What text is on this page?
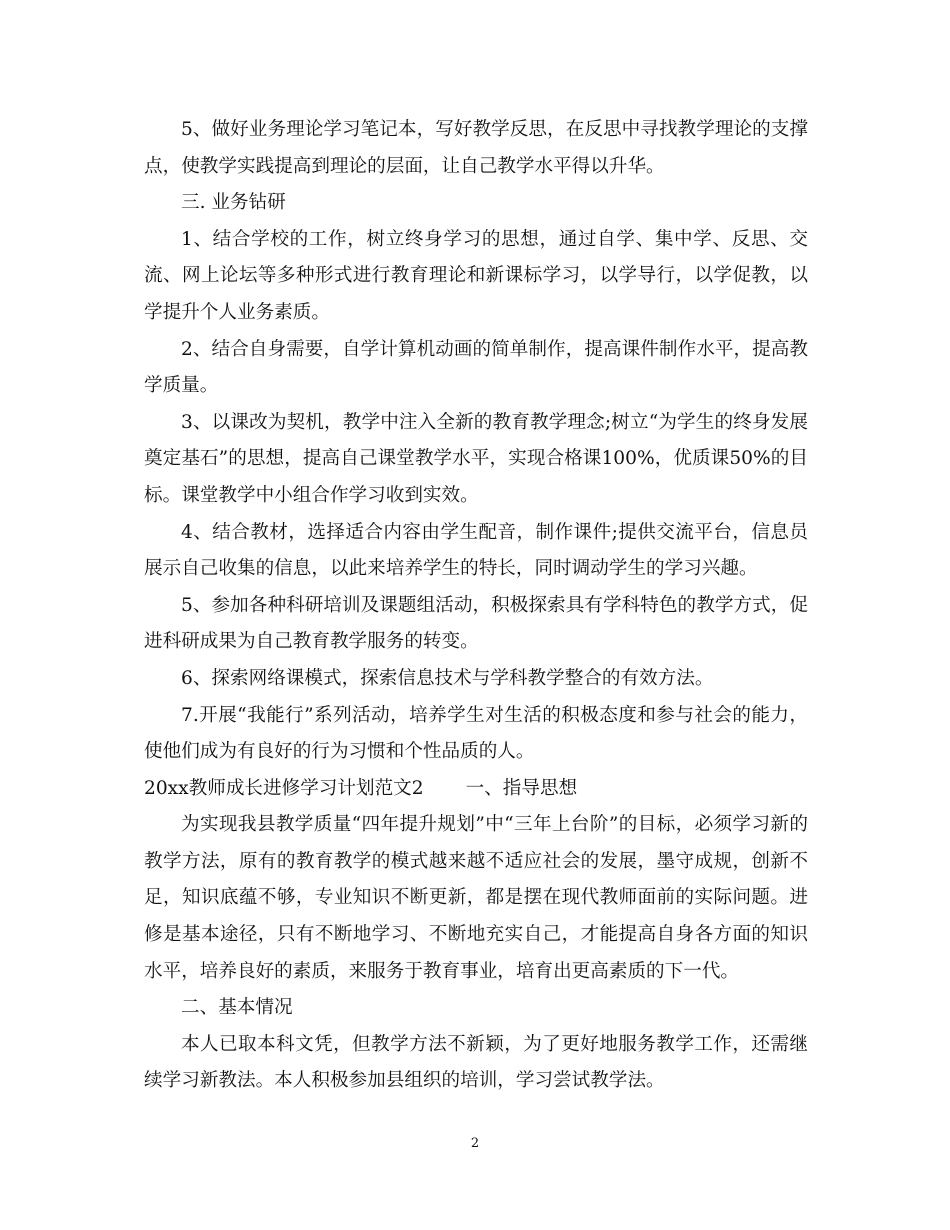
5、做好业务理论学习笔记本，写好教学反思，在反思中寻找教学理论的支撑点，使教学实践提高到理论的层面，让自己教学水平得以升华。

三. 业务钻研

1、结合学校的工作，树立终身学习的思想，通过自学、集中学、反思、交流、网上论坛等多种形式进行教育理论和新课标学习，以学导行，以学促教，以学提升个人业务素质。

2、结合自身需要，自学计算机动画的简单制作，提高课件制作水平，提高教学质量。

3、以课改为契机，教学中注入全新的教育教学理念;树立“为学生的终身发展奠定基石”的思想，提高自己课堂教学水平，实现合格课100%，优质课50%的目标。课堂教学中小组合作学习收到实效。

4、结合教材，选择适合内容由学生配音，制作课件;提供交流平台，信息员展示自己收集的信息，以此来培养学生的特长，同时调动学生的学习兴趣。

5、参加各种科研培训及课题组活动，积极探索具有学科特色的教学方式，促进科研成果为自己教育教学服务的转变。

6、探索网络课模式，探索信息技术与学科教学整合的有效方法。

7.开展“我能行”系列活动，培养学生对生活的积极态度和参与社会的能力，使他们成为有良好的行为习惯和个性品质的人。

20xx教师成长进修学习计划范文2 一、指导思想

为实现我县教学质量“四年提升规划”中“三年上台阶”的目标，必须学习新的教学方法，原有的教育教学的模式越来越不适应社会的发展，墨守成规，创新不足，知识底蕴不够，专业知识不断更新，都是摆在现代教师面前的实际问题。进修是基本途径，只有不断地学习、不断地充实自己，才能提高自身各方面的知识水平，培养良好的素质，来服务于教育事业，培育出更高素质的下一代。

二、基本情况

本人已取本科文凭，但教学方法不新颖，为了更好地服务教学工作，还需继续学习新教法。本人积极参加县组织的培训，学习尝试教学法。

2
